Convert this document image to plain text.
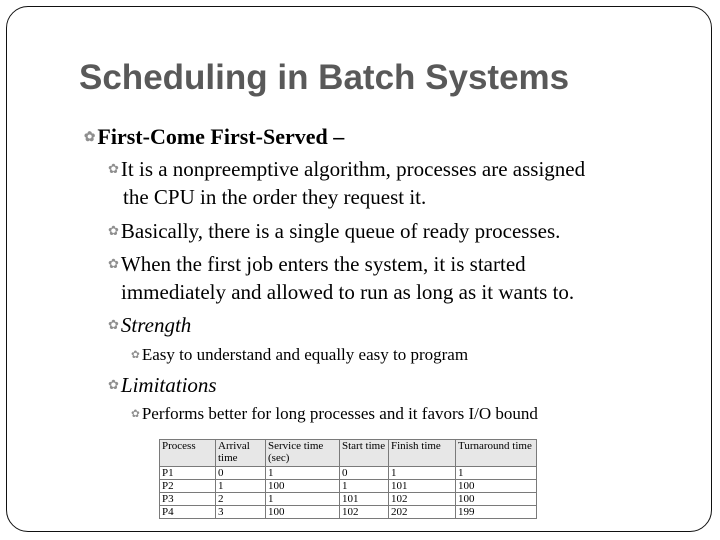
Scheduling in Batch Systems
✿First-Come First-Served –
✿It is a nonpreemptive algorithm, processes are assigned
the CPU in the order they request it.
✿Basically, there is a single queue of ready processes.
✿When the first job enters the system, it is started
immediately and allowed to run as long as it wants to.
✿Strength
✿ Easy to understand and equally easy to program
✿Limitations
✿ Performs better for long processes and it favors I/O bound
Process	Arrival time	Service time (sec)	Start time	Finish time	Turnaround time
P1	0	1	0	1	1
P2	1	100	1	101	100
P3	2	1	101	102	100
P4	3	100	102	202	199
